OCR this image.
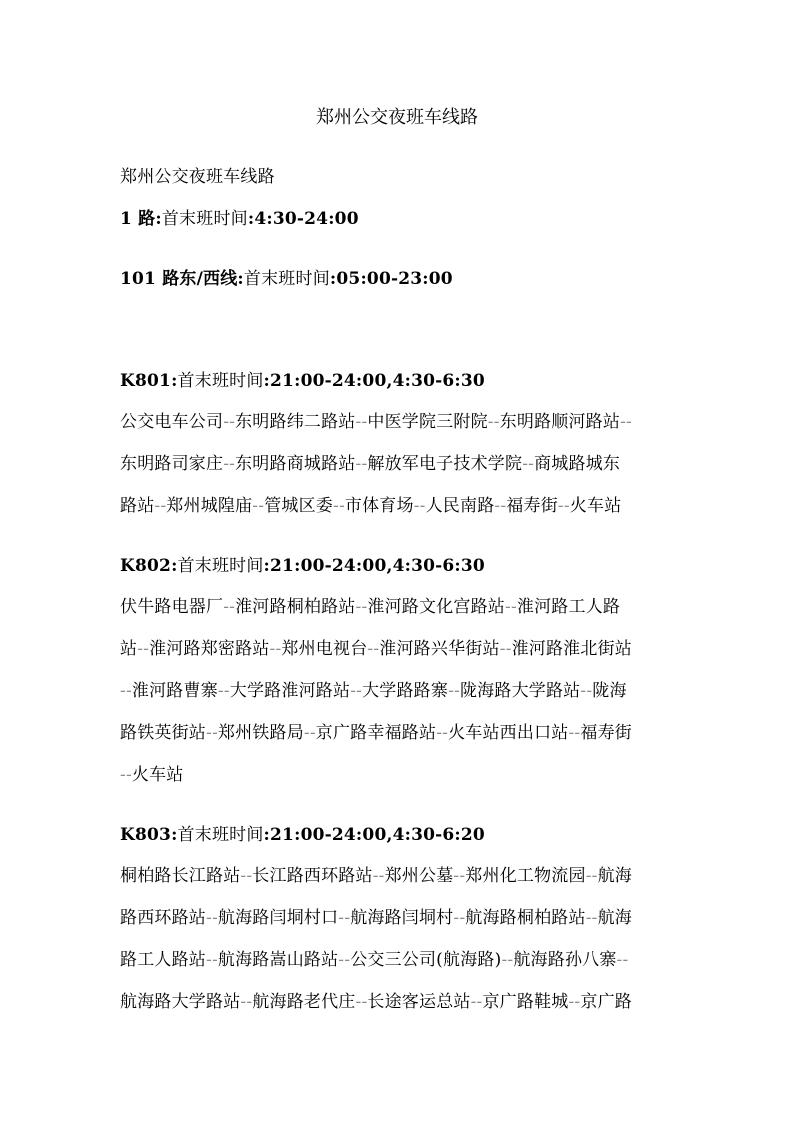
郑州公交夜班车线路
郑州公交夜班车线路
1 路:首末班时间:4:30-24:00
101 路东/西线:首末班时间:05:00-23:00
K801:首末班时间:21:00-24:00,4:30-6:30
公交电车公司--东明路纬二路站--中医学院三附院--东明路顺河路站--
东明路司家庄--东明路商城路站--解放军电子技术学院--商城路城东
路站--郑州城隍庙--管城区委--市体育场--人民南路--福寿街--火车站
K802:首末班时间:21:00-24:00,4:30-6:30
伏牛路电器厂--淮河路桐柏路站--淮河路文化宫路站--淮河路工人路
站--淮河路郑密路站--郑州电视台--淮河路兴华街站--淮河路淮北街站
--淮河路曹寨--大学路淮河路站--大学路路寨--陇海路大学路站--陇海
路铁英街站--郑州铁路局--京广路幸福路站--火车站西出口站--福寿街
--火车站
K803:首末班时间:21:00-24:00,4:30-6:20
桐柏路长江路站--长江路西环路站--郑州公墓--郑州化工物流园--航海
路西环路站--航海路闫垌村口--航海路闫垌村--航海路桐柏路站--航海
路工人路站--航海路嵩山路站--公交三公司(航海路)--航海路孙八寨--
航海路大学路站--航海路老代庄--长途客运总站--京广路鞋城--京广路
